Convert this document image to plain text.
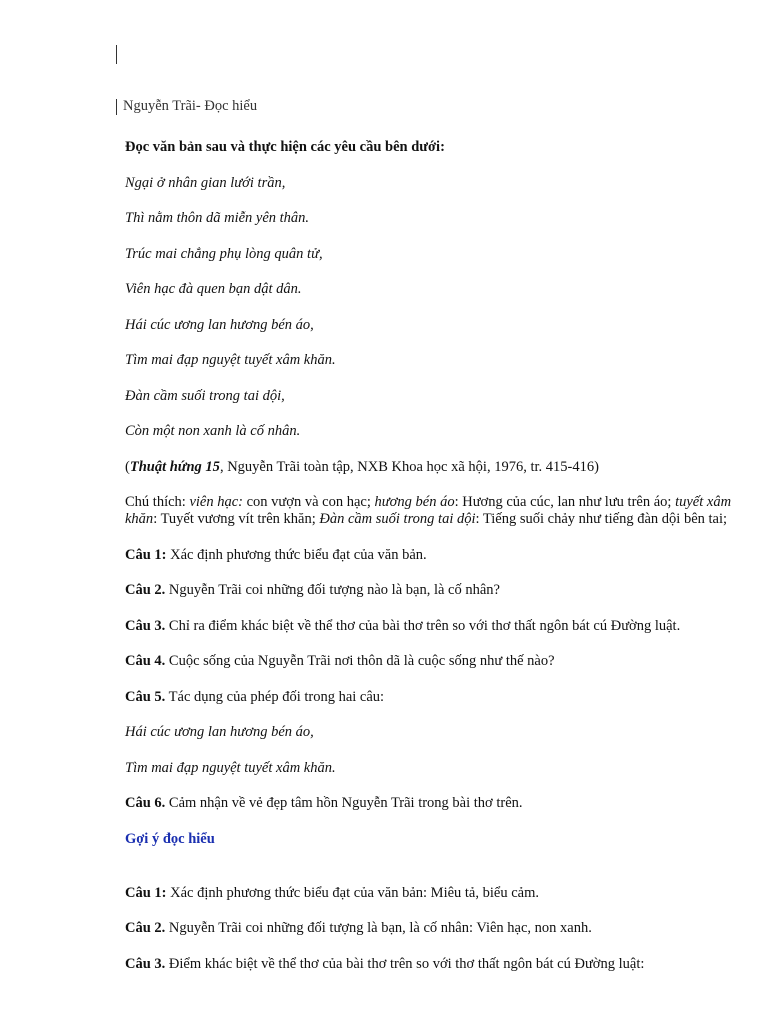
Nguyễn Trãi- Đọc hiểu

Đọc văn bản sau và thực hiện các yêu cầu bên dưới:

Ngại ở nhân gian lưới trần,

Thì nằm thôn dã miễn yên thân.

Trúc mai chẳng phụ lòng quân tử,

Viên hạc đà quen bạn dật dân.

Hái cúc ương lan hương bén áo,

Tìm mai đạp nguyệt tuyết xâm khăn.

Đàn cầm suối trong tai dội,

Còn một non xanh là cố nhân.

(Thuật hứng 15, Nguyễn Trãi toàn tập, NXB Khoa học xã hội, 1976, tr. 415-416)

Chú thích: viên hạc: con vượn và con hạc; hương bén áo: Hương của cúc, lan như lưu trên áo; tuyết xâm khăn: Tuyết vương vít trên khăn; Đàn cầm suối trong tai dội: Tiếng suối chảy như tiếng đàn dội bên tai;

Câu 1: Xác định phương thức biểu đạt của văn bản.

Câu 2. Nguyễn Trãi coi những đối tượng nào là bạn, là cố nhân?

Câu 3. Chỉ ra điểm khác biệt về thể thơ của bài thơ trên so với thơ thất ngôn bát cú Đường luật.

Câu 4. Cuộc sống của Nguyễn Trãi nơi thôn dã là cuộc sống như thế nào?

Câu 5. Tác dụng của phép đối trong hai câu:

Hái cúc ương lan hương bén áo,

Tìm mai đạp nguyệt tuyết xâm khăn.

Câu 6. Cảm nhận về vẻ đẹp tâm hồn Nguyễn Trãi trong bài thơ trên.

Gợi ý đọc hiểu

Câu 1: Xác định phương thức biểu đạt của văn bản: Miêu tả, biểu cảm.

Câu 2. Nguyễn Trãi coi những đối tượng là bạn, là cố nhân: Viên hạc, non xanh.

Câu 3. Điểm khác biệt về thể thơ của bài thơ trên so với thơ thất ngôn bát cú Đường luật:
